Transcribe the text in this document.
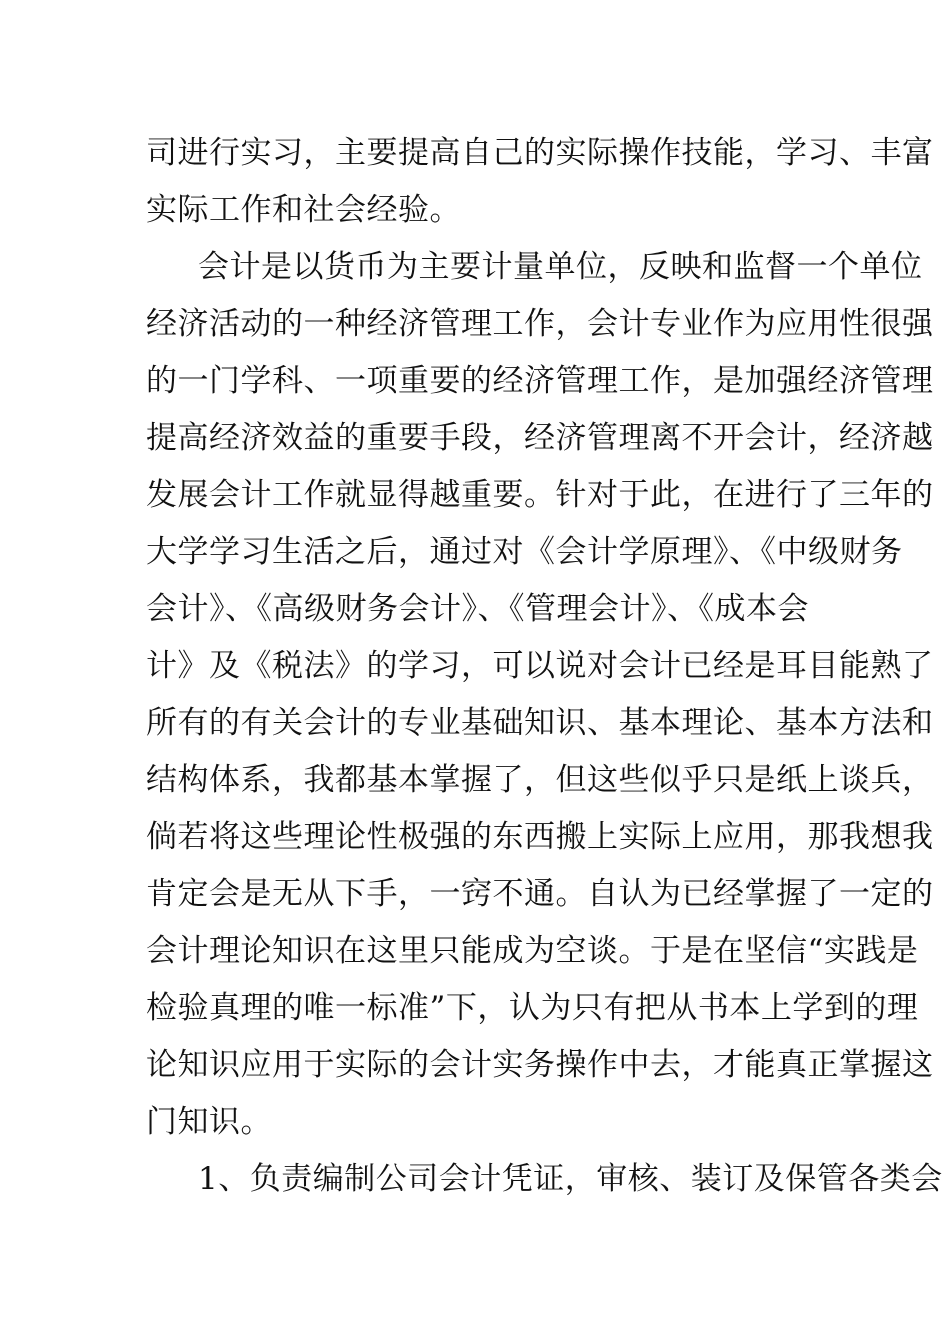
司进行实习，主要提高自己的实际操作技能，学习、丰富
实际工作和社会经验。
会计是以货币为主要计量单位，反映和监督一个单位
经济活动的一种经济管理工作，会计专业作为应用性很强
的一门学科、一项重要的经济管理工作，是加强经济管理
提高经济效益的重要手段，经济管理离不开会计，经济越
发展会计工作就显得越重要。针对于此，在进行了三年的
大学学习生活之后，通过对《会计学原理》、《中级财务
会计》、《高级财务会计》、《管理会计》、《成本会
计》及《税法》的学习，可以说对会计已经是耳目能熟了
所有的有关会计的专业基础知识、基本理论、基本方法和
结构体系，我都基本掌握了，但这些似乎只是纸上谈兵，
倘若将这些理论性极强的东西搬上实际上应用，那我想我
肯定会是无从下手，一窍不通。自认为已经掌握了一定的
会计理论知识在这里只能成为空谈。于是在坚信“实践是
检验真理的唯一标准”下，认为只有把从书本上学到的理
论知识应用于实际的会计实务操作中去，才能真正掌握这
门知识。
1、负责编制公司会计凭证，审核、装订及保管各类会
